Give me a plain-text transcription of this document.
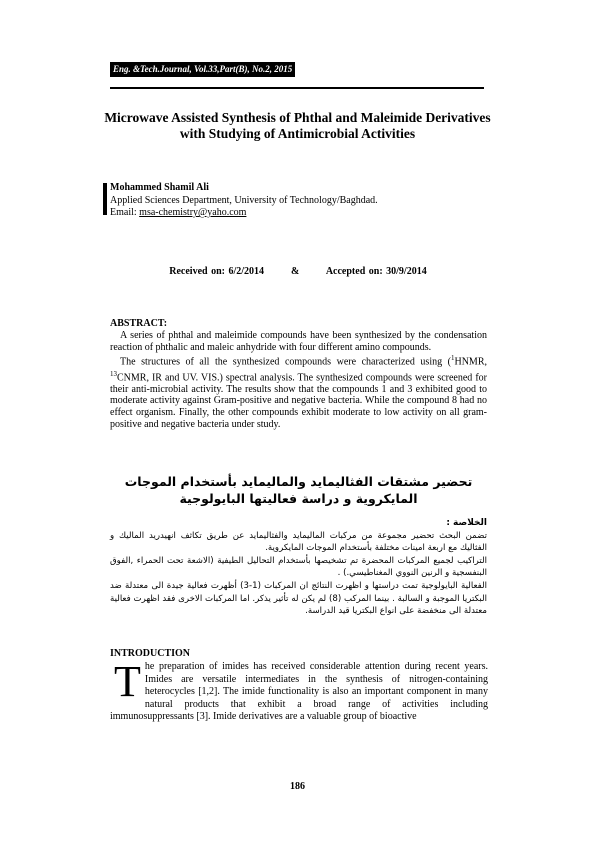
Eng. &Tech.Journal, Vol.33,Part(B), No.2, 2015
Microwave Assisted Synthesis of Phthal and Maleimide Derivatives with Studying of Antimicrobial Activities
Mohammed Shamil Ali
Applied Sciences Department, University of Technology/Baghdad.
Email: msa-chemistry@yaho.com
Received on: 6/2/2014	&	Accepted on: 30/9/2014
ABSTRACT:

A series of phthal and maleimide compounds have been synthesized by the condensation reaction of phthalic and maleic anhydride with four different amino compounds.

The structures of all the synthesized compounds were characterized using ($^1$HNMR, $^{13}$CNMR, IR and UV. VIS.) spectral analysis. The synthesized compounds were screened for their anti-microbial activity. The results show that the compounds 1 and 3 exhibited good to moderate activity against Gram-positive and negative bacteria. While the compound 8 had no effect organism. Finally, the other compounds exhibit moderate to low activity on all gram-positive and negative bacteria under study.

تحضير مشتقات الفثاليمايد والماليمايد بأستخدام الموجات المايكروية و دراسة فعاليتها البايولوجية

الخلاصة :

تضمن البحث تحضير مجموعة من مركبات الماليمايد والفثاليمايد عن طريق تكاثف انهيدريد الماليك و الفثاليك مع اربعة امينات مختلفة بأستخدام الموجات المايكروية.

التراكيب لجميع المركبات المحضرة تم تشخيصها بأستخدام التحاليل الطيفية (الاشعة تحت الحمراء ,الفوق البنفسجية و الرنين النووي المغناطيسي.) .

الفعالية البايولوجية تمت دراستها و اظهرت النتائج ان المركبات (1-3) أظهرت فعالية جيدة الى معتدلة ضد البكتريا الموجبة و السالبة . بينما المركب (8) لم يكن له تأثير يذكر. اما المركبات الاخرى فقد اظهرت فعالية معتدلة الى منخفضة على انواع البكتريا قيد الدراسة.

INTRODUCTION
T he preparation of imides has received considerable attention during recent years. Imides are versatile intermediates in the synthesis of nitrogen-containing heterocycles [1,2]. The imide functionality is also an important component in many natural products that exhibit a broad range of activities including immunosuppressants [3]. Imide derivatives are a valuable group of bioactive
186
